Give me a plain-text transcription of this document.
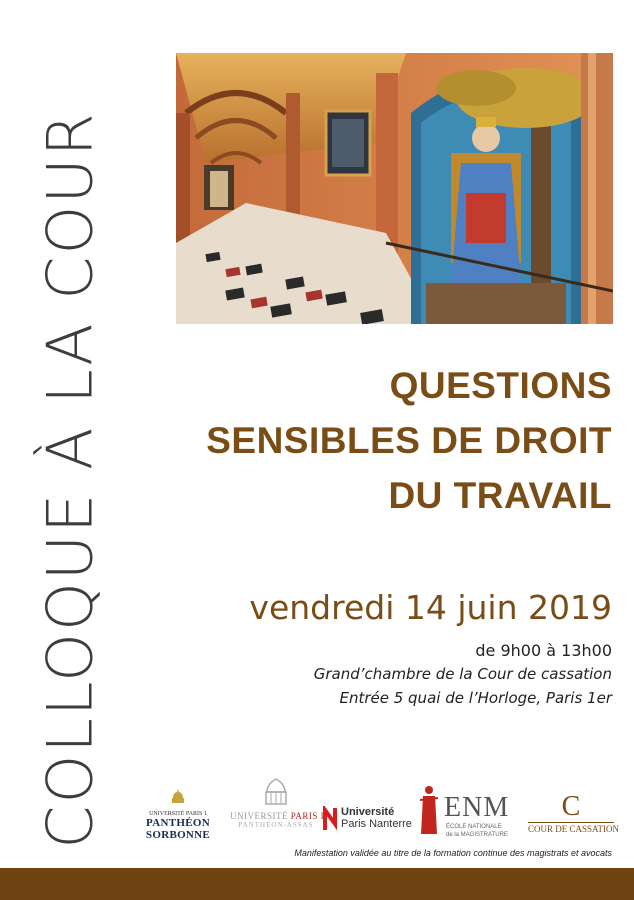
COLLOQUE À LA COUR	QUESTIONS
SENSIBLES DE DROIT
DU TRAVAIL
vendredi 14 juin 2019
de 9h00 à 13h00
Grand’chambre de la Cour de cassation
Entrée 5 quai de l’Horloge, Paris 1er
UNIVERSITÉ PARIS 1
PANTHÉON SORBONNE
UNIVERSITÉ PARIS II
PANTHÉON-ASSAS
Université
Paris Nanterre
ENM
ÉCOLE NATIONALE
de la MAGISTRATURE
C
COUR DE CASSATION
Manifestation validée au titre de la formation continue des magistrats et avocats
